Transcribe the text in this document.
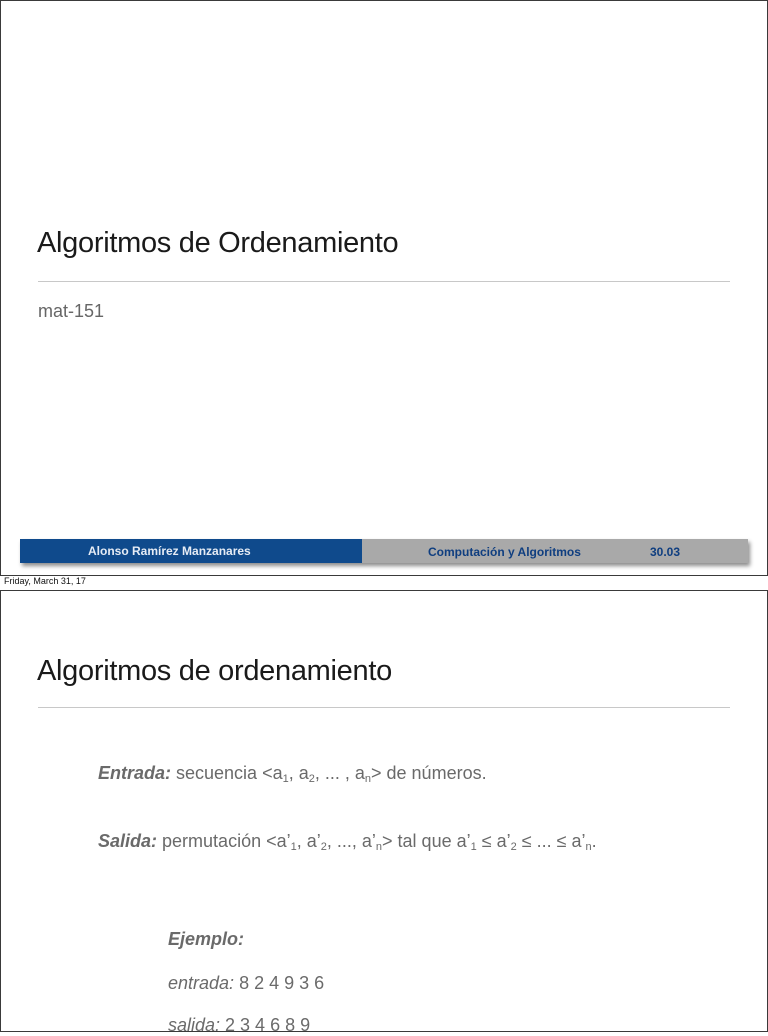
Algoritmos de Ordenamiento
mat-151
Alonso Ramírez Manzanares	Computación y Algoritmos	30.03
Friday, March 31, 17
Algoritmos de ordenamiento
Entrada: secuencia $<a_1$, $a_2$, ... , $a_n>$ de números.
Salida: permutación $<a’_1$, $a’_2$, ..., $a’_n>$ tal que $a’_1$ ≤ $a’_2$ ≤ ... ≤ $a’_n$.
Ejemplo:
entrada: 8 2 4 9 3 6
salida: 2 3 4 6 8 9
